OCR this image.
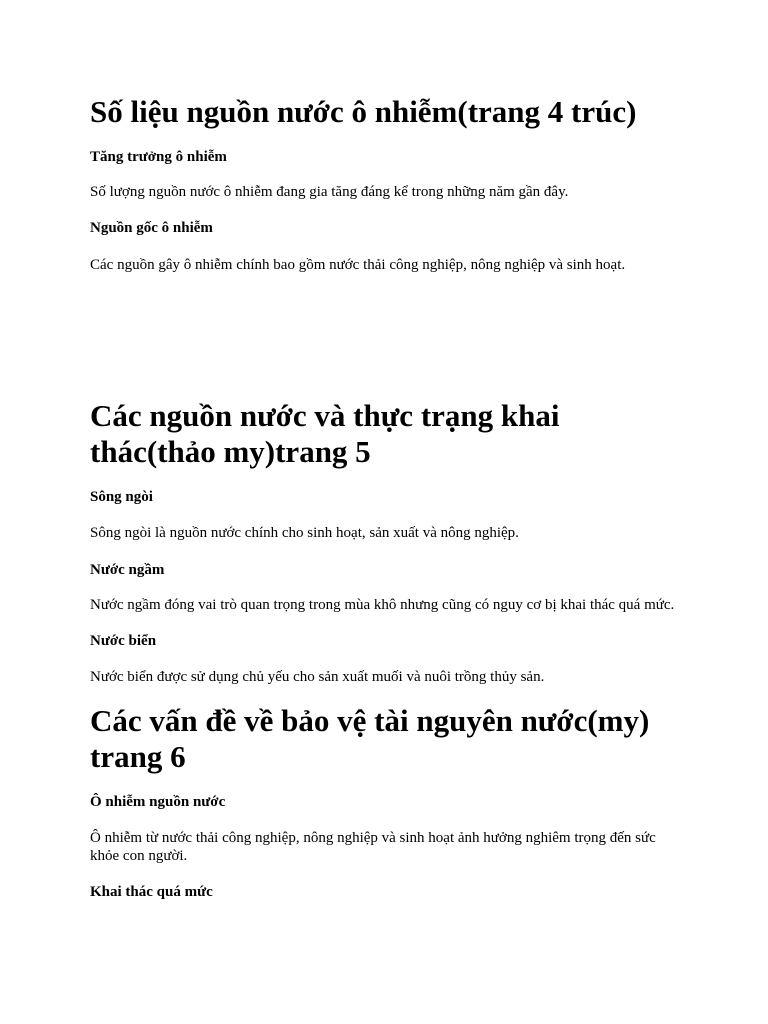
Số liệu nguồn nước ô nhiễm(trang 4 trúc)
Tăng trưởng ô nhiễm

Số lượng nguồn nước ô nhiễm đang gia tăng đáng kể trong những năm gần đây.

Nguồn gốc ô nhiễm

Các nguồn gây ô nhiễm chính bao gồm nước thải công nghiệp, nông nghiệp và sinh hoạt.

Các nguồn nước và thực trạng khai thác(thảo my)trang 5
Sông ngòi

Sông ngòi là nguồn nước chính cho sinh hoạt, sản xuất và nông nghiệp.

Nước ngầm

Nước ngầm đóng vai trò quan trọng trong mùa khô nhưng cũng có nguy cơ bị khai thác quá mức.

Nước biển

Nước biển được sử dụng chủ yếu cho sản xuất muối và nuôi trồng thủy sản.

Các vấn đề về bảo vệ tài nguyên nước(my) trang 6
Ô nhiễm nguồn nước

Ô nhiễm từ nước thải công nghiệp, nông nghiệp và sinh hoạt ảnh hưởng nghiêm trọng đến sức khỏe con người.

Khai thác quá mức
